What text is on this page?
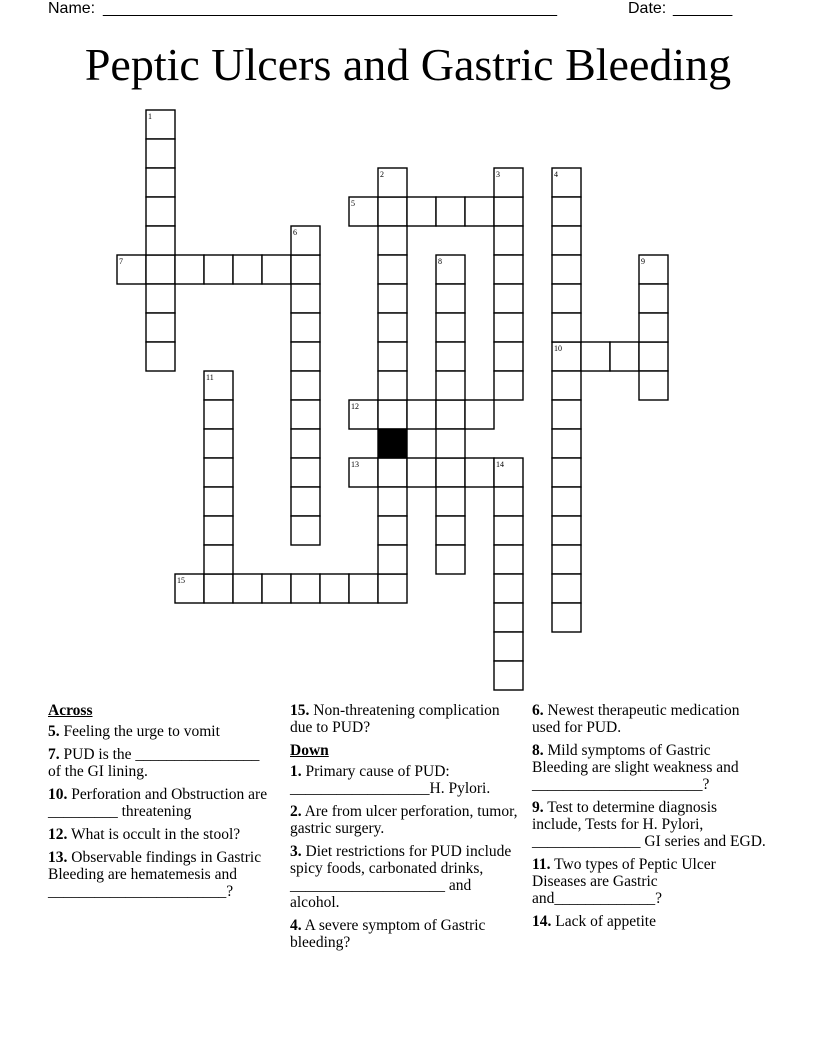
Name: ______________________________________________________	Date: _______
Peptic Ulcers and Gastric Bleeding
1
2	3	4
5
6
7	8	9
10
11
12
13	14
15
Across
5. Feeling the urge to vomit
7. PUD is the ________________ of the GI lining.
10. Perforation and Obstruction are _________ threatening
12. What is occult in the stool?
13. Observable findings in Gastric Bleeding are hematemesis and _______________________?
15. Non-threatening complication due to PUD?
Down
1. Primary cause of PUD: __________________H. Pylori.
2. Are from ulcer perforation, tumor, gastric surgery.
3. Diet restrictions for PUD include spicy foods, carbonated drinks, ____________________ and alcohol.
4. A severe symptom of Gastric bleeding?
6. Newest therapeutic medication used for PUD.
8. Mild symptoms of Gastric Bleeding are slight weakness and ______________________?
9. Test to determine diagnosis include, Tests for H. Pylori, ______________ GI series and EGD.
11. Two types of Peptic Ulcer Diseases are Gastric and_____________?
14. Lack of appetite
